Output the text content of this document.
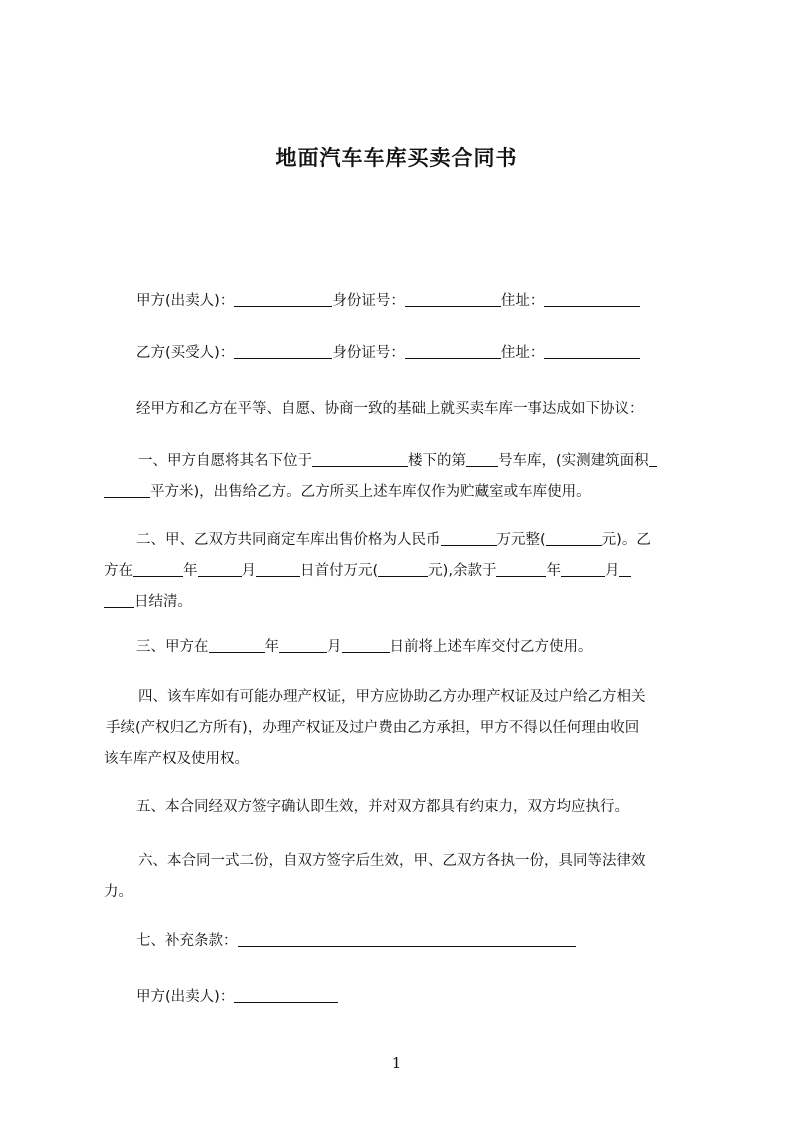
地面汽车车库买卖合同书
甲方(出卖人)：	身份证号：	住址：
乙方(买受人)：	身份证号：	住址：
经甲方和乙方在平等、自愿、协商一致的基础上就买卖车库一事达成如下协议：
一、甲方自愿将其名下位于	楼下的第 号车库，(实测建筑面积
平方米)，出售给乙方。乙方所买上述车库仅作为贮藏室或车库使用。
二、甲、乙双方共同商定车库出售价格为人民币	万元整(	元)。乙
方在	年	月	日首付万元(	元),余款于	年	月
日结清。
三、甲方在	年	月	日前将上述车库交付乙方使用。
四、该车库如有可能办理产权证，甲方应协助乙方办理产权证及过户给乙方相关
手续(产权归乙方所有)，办理产权证及过户费由乙方承担，甲方不得以任何理由收回
该车库产权及使用权。
五、本合同经双方签字确认即生效，并对双方都具有约束力，双方均应执行。
六、本合同一式二份，自双方签字后生效，甲、乙双方各执一份，具同等法律效
力。
七、补充条款：
甲方(出卖人)：
1
